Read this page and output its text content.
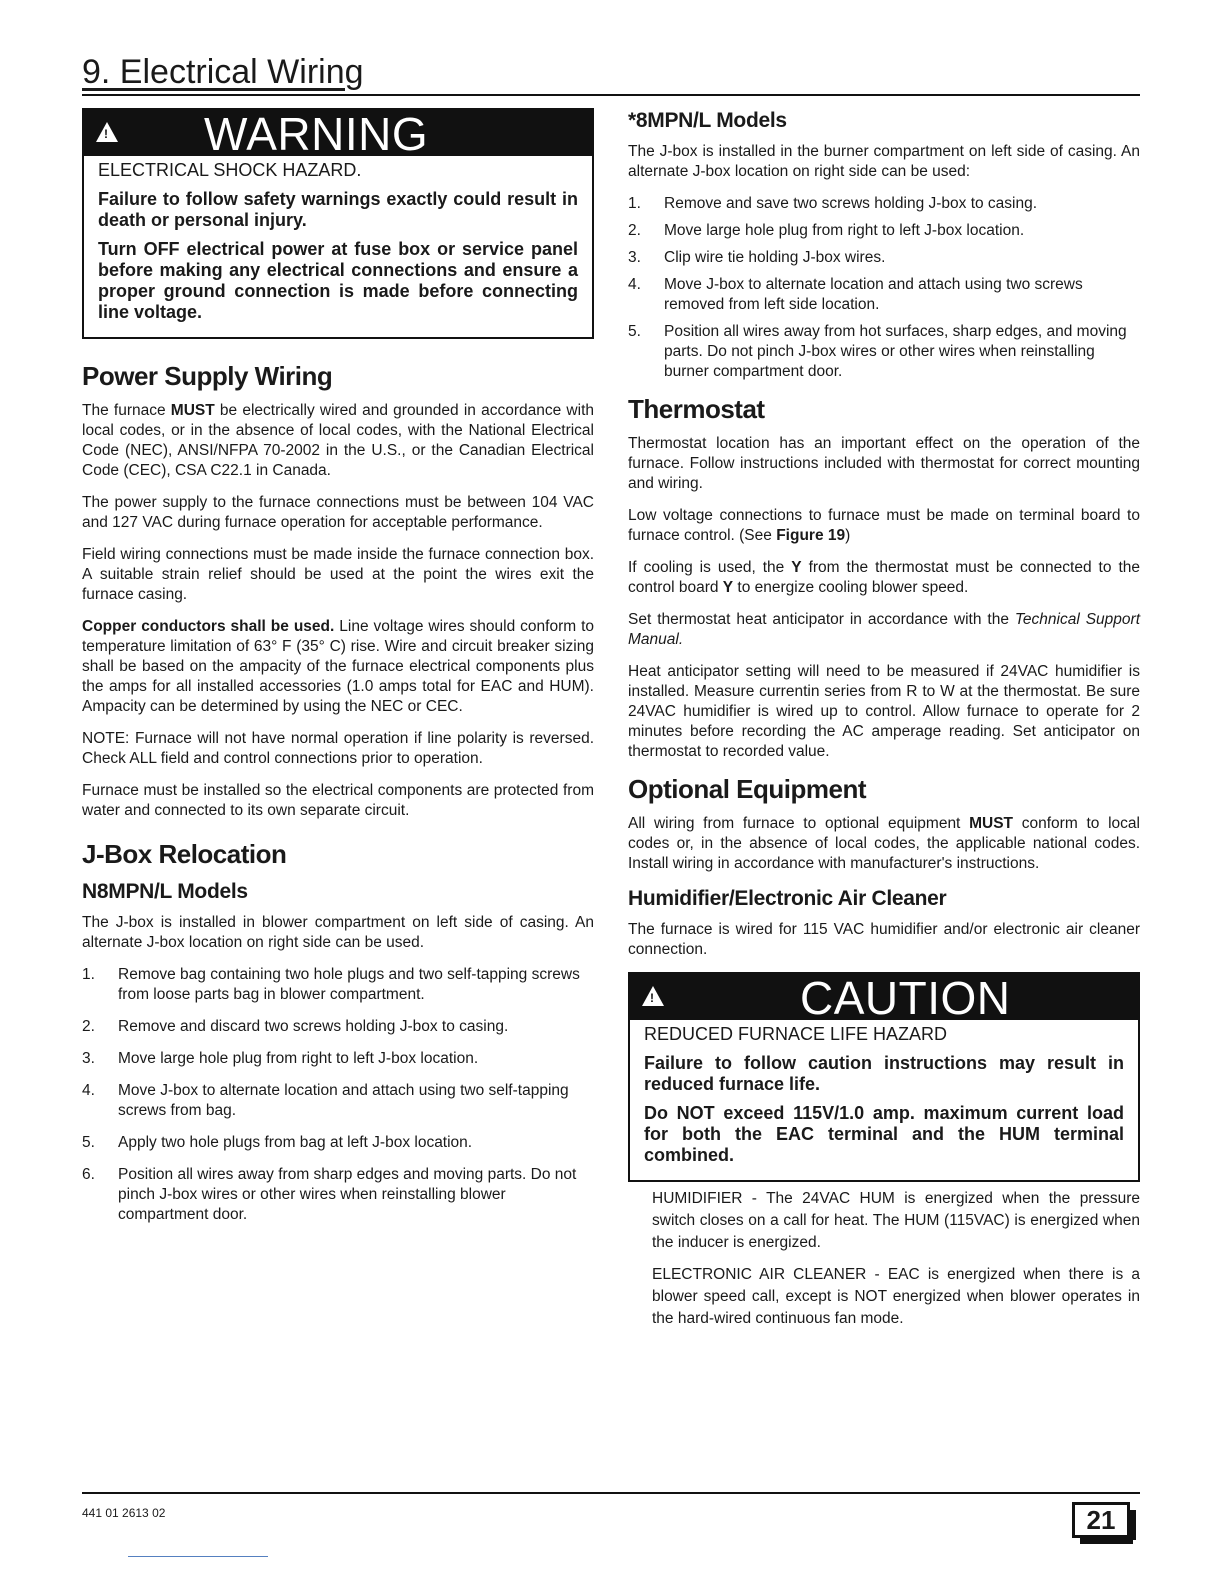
9. Electrical Wiring
!
WARNING

ELECTRICAL SHOCK HAZARD.

Failure to follow safety warnings exactly could result in death or personal injury.

Turn OFF electrical power at fuse box or service panel before making any electrical connections and ensure a proper ground connection is made before connecting line voltage.

Power Supply Wiring

The furnace MUST be electrically wired and grounded in accordance with local codes, or in the absence of local codes, with the National Electrical Code (NEC), ANSI/NFPA 70-2002 in the U.S., or the Canadian Electrical Code (CEC), CSA C22.1 in Canada.

The power supply to the furnace connections must be between 104 VAC and 127 VAC during furnace operation for acceptable performance.

Field wiring connections must be made inside the furnace connection box. A suitable strain relief should be used at the point the wires exit the furnace casing.

Copper conductors shall be used. Line voltage wires should conform to temperature limitation of 63° F (35° C) rise. Wire and circuit breaker sizing shall be based on the ampacity of the furnace electrical components plus the amps for all installed accessories (1.0 amps total for EAC and HUM). Ampacity can be determined by using the NEC or CEC.

NOTE: Furnace will not have normal operation if line polarity is reversed. Check ALL field and control connections prior to operation.

Furnace must be installed so the electrical components are protected from water and connected to its own separate circuit.

J-Box Relocation
N8MPN/L Models

The J-box is installed in blower compartment on left side of casing. An alternate J-box location on right side can be used.

1. Remove bag containing two hole plugs and two self-tapping screws from loose parts bag in blower compartment.
2. Remove and discard two screws holding J-box to casing.
3. Move large hole plug from right to left J-box location.
4. Move J-box to alternate location and attach using two self-tapping screws from bag.
5. Apply two hole plugs from bag at left J-box location.
6. Position all wires away from sharp edges and moving parts. Do not pinch J-box wires or other wires when reinstalling blower compartment door.
*8MPN/L Models

The J-box is installed in the burner compartment on left side of casing. An alternate J-box location on right side can be used:

1. Remove and save two screws holding J-box to casing.
2. Move large hole plug from right to left J-box location.
3. Clip wire tie holding J-box wires.
4. Move J-box to alternate location and attach using two screws removed from left side location.
5. Position all wires away from hot surfaces, sharp edges, and moving parts. Do not pinch J-box wires or other wires when reinstalling burner compartment door.
Thermostat

Thermostat location has an important effect on the operation of the furnace. Follow instructions included with thermostat for correct mounting and wiring.

Low voltage connections to furnace must be made on terminal board to furnace control. (See Figure 19)

If cooling is used, the Y from the thermostat must be connected to the control board Y to energize cooling blower speed.

Set thermostat heat anticipator in accordance with the Technical Support Manual.

Heat anticipator setting will need to be measured if 24VAC humidifier is installed. Measure currentin series from R to W at the thermostat. Be sure 24VAC humidifier is wired up to control. Allow furnace to operate for 2 minutes before recording the AC amperage reading. Set anticipator on thermostat to recorded value.

Optional Equipment

All wiring from furnace to optional equipment MUST conform to local codes or, in the absence of local codes, the applicable national codes. Install wiring in accordance with manufacturer's instructions.

Humidifier/Electronic Air Cleaner

The furnace is wired for 115 VAC humidifier and/or electronic air cleaner connection.

!
CAUTION

REDUCED FURNACE LIFE HAZARD

Failure to follow caution instructions may result in reduced furnace life.

Do NOT exceed 115V/1.0 amp. maximum current load for both the EAC terminal and the HUM terminal combined.

HUMIDIFIER - The 24VAC HUM is energized when the pressure switch closes on a call for heat. The HUM (115VAC) is energized when the inducer is energized.

ELECTRONIC AIR CLEANER - EAC is energized when there is a blower speed call, except is NOT energized when blower operates in the hard-wired continuous fan mode.

441 01 2613 02	21
